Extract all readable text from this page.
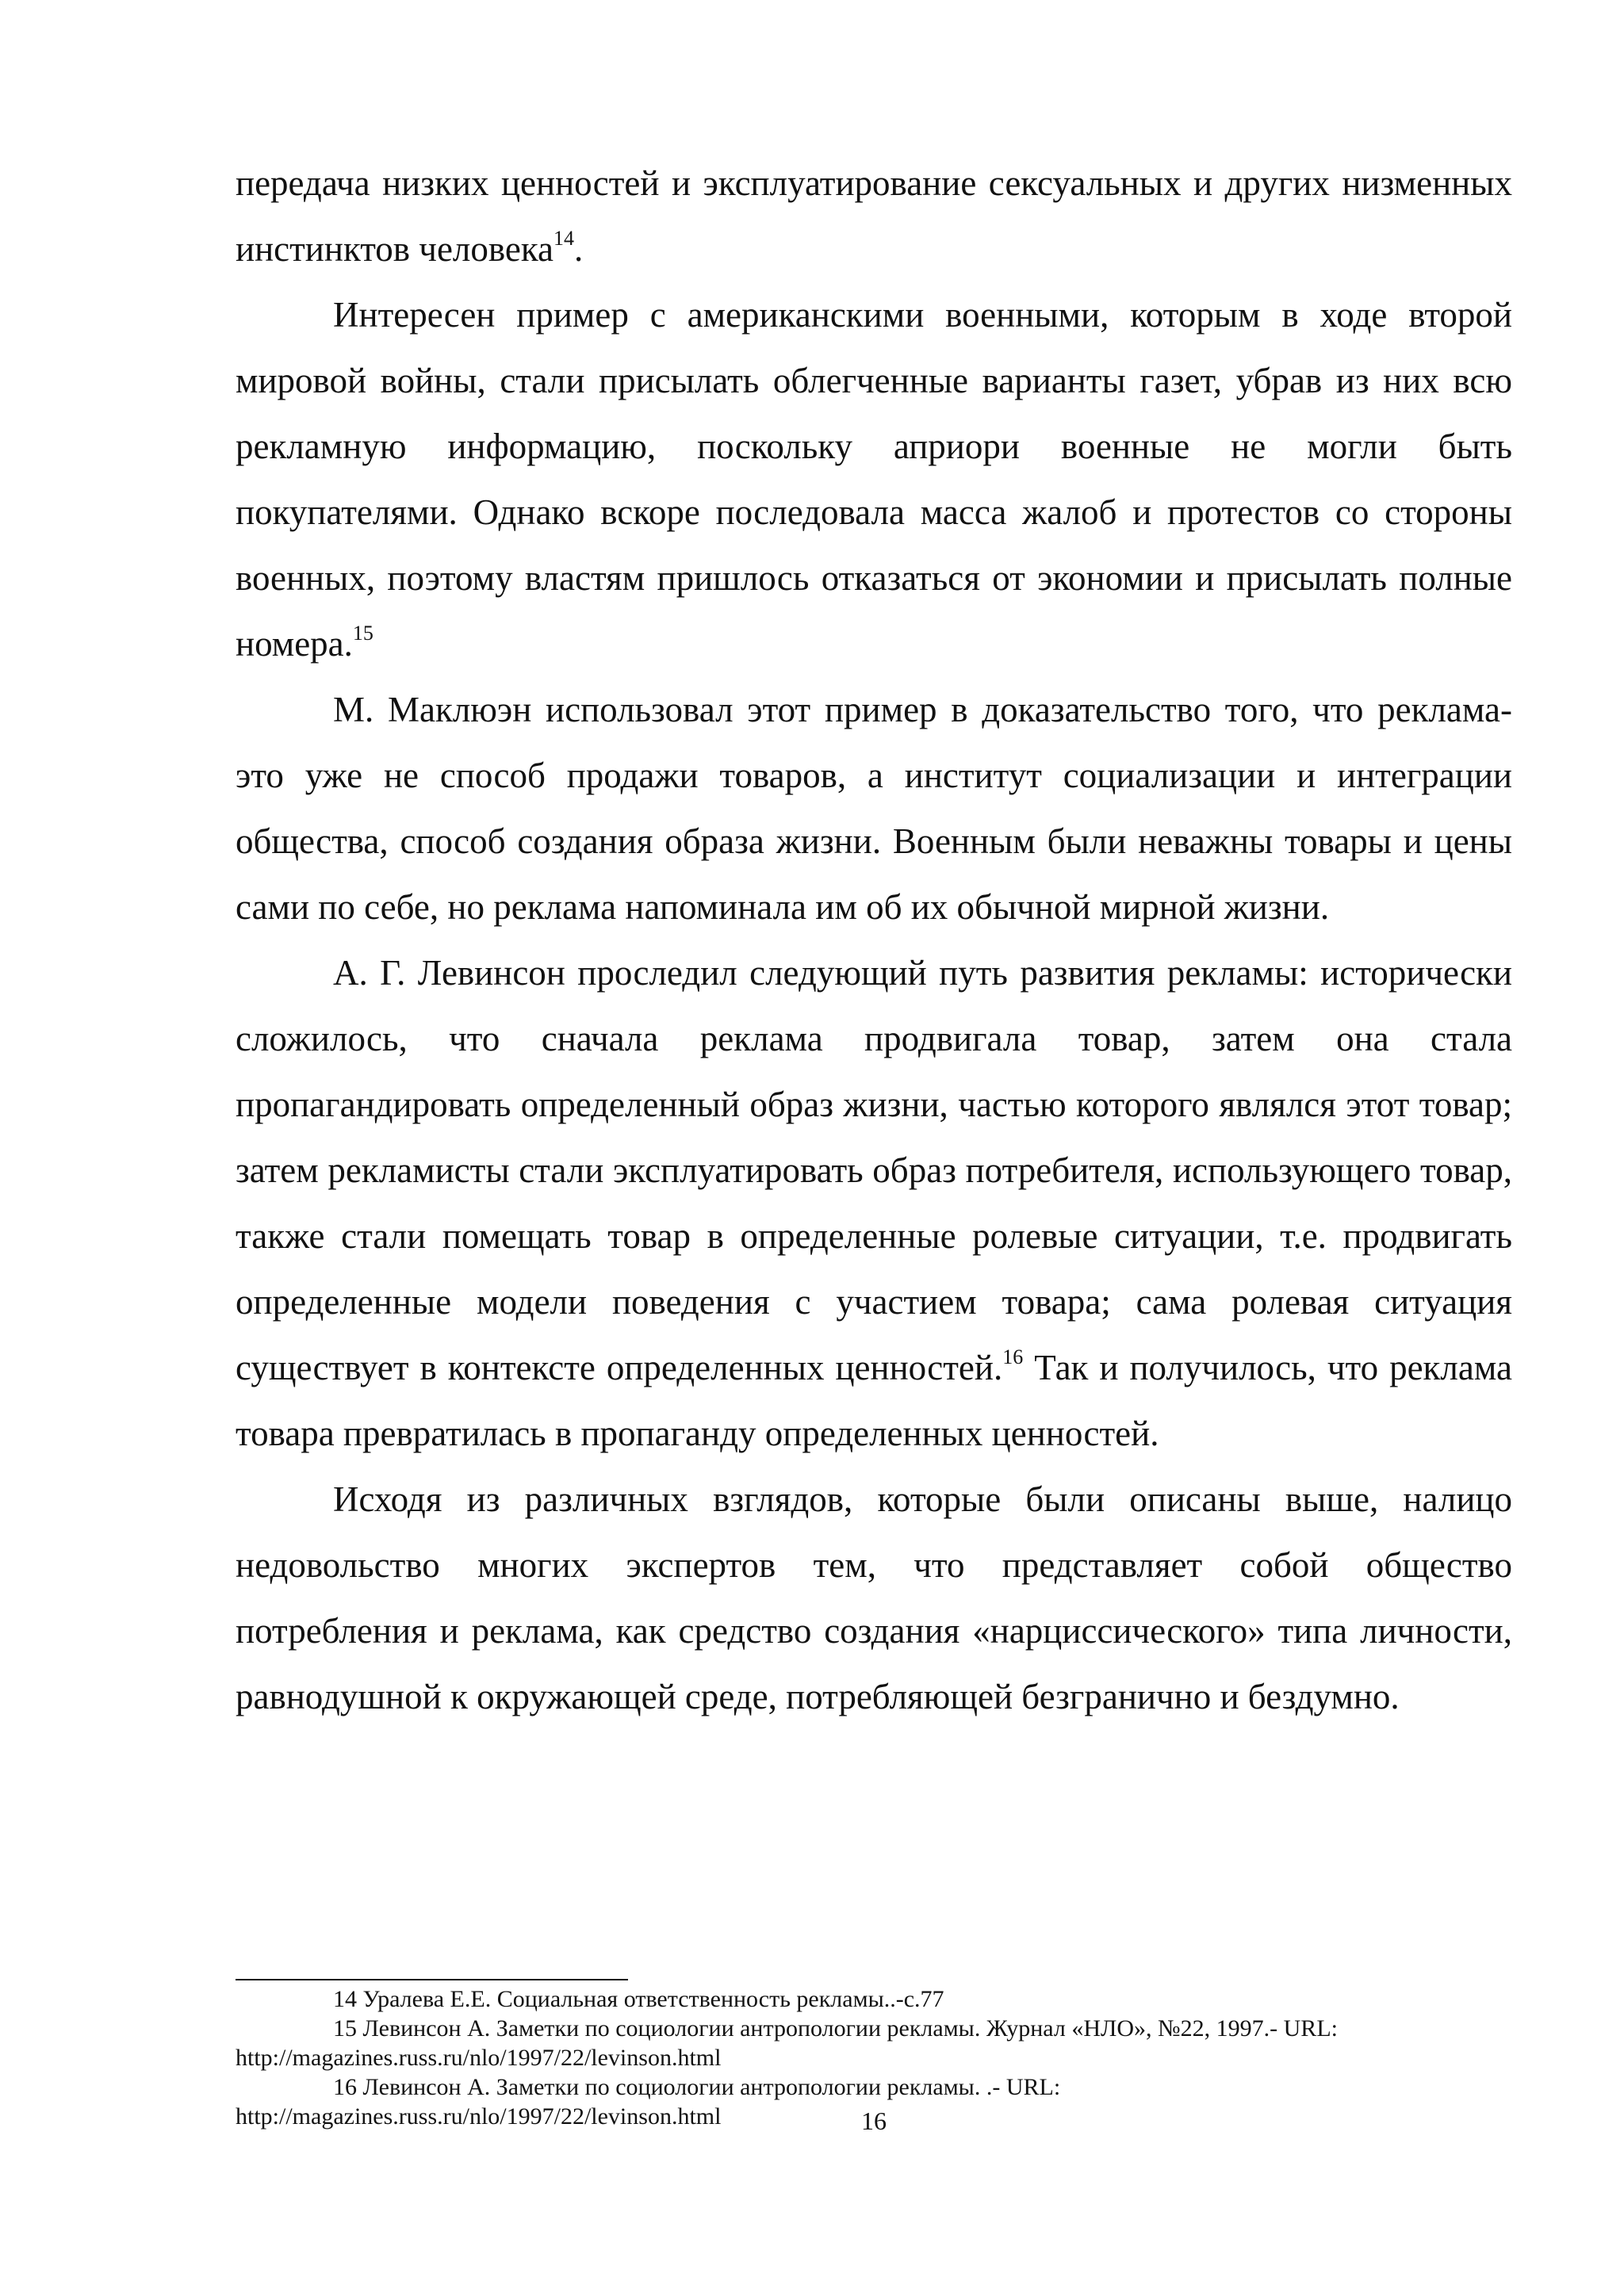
передача низких ценностей и эксплуатирование сексуальных и других низменных инстинктов человека$^{14}$.

Интересен пример с американскими военными, которым в ходе второй мировой войны, стали присылать облегченные варианты газет, убрав из них всю рекламную информацию, поскольку априори военные не могли быть покупателями. Однако вскоре последовала масса жалоб и протестов со стороны военных, поэтому властям пришлось отказаться от экономии и присылать полные номера.$^{15}$

М. Маклюэн использовал этот пример в доказательство того, что реклама- это уже не способ продажи товаров, а институт социализации и интеграции общества, способ создания образа жизни. Военным были неважны товары и цены сами по себе, но реклама напоминала им об их обычной мирной жизни.

А. Г. Левинсон проследил следующий путь развития рекламы: исторически сложилось, что сначала реклама продвигала товар, затем она стала пропагандировать определенный образ жизни, частью которого являлся этот товар; затем рекламисты стали эксплуатировать образ потребителя, использующего товар, также стали помещать товар в определенные ролевые ситуации, т.е. продвигать определенные модели поведения с участием товара; сама ролевая ситуация существует в контексте определенных ценностей.$^{16}$ Так и получилось, что реклама товара превратилась в пропаганду определенных ценностей.

Исходя из различных взглядов, которые были описаны выше, налицо недовольство многих экспертов тем, что представляет собой общество потребления и реклама, как средство создания «нарциссического» типа личности, равнодушной к окружающей среде, потребляющей безгранично и бездумно.

14 Уралева Е.Е. Социальная ответственность рекламы..-с.77

15 Левинсон А. Заметки по социологии антропологии рекламы. Журнал «НЛО», №22, 1997.- URL:
http://magazines.russ.ru/nlo/1997/22/levinson.html

16 Левинсон А. Заметки по социологии антропологии рекламы. .- URL:
http://magazines.russ.ru/nlo/1997/22/levinson.html	16
